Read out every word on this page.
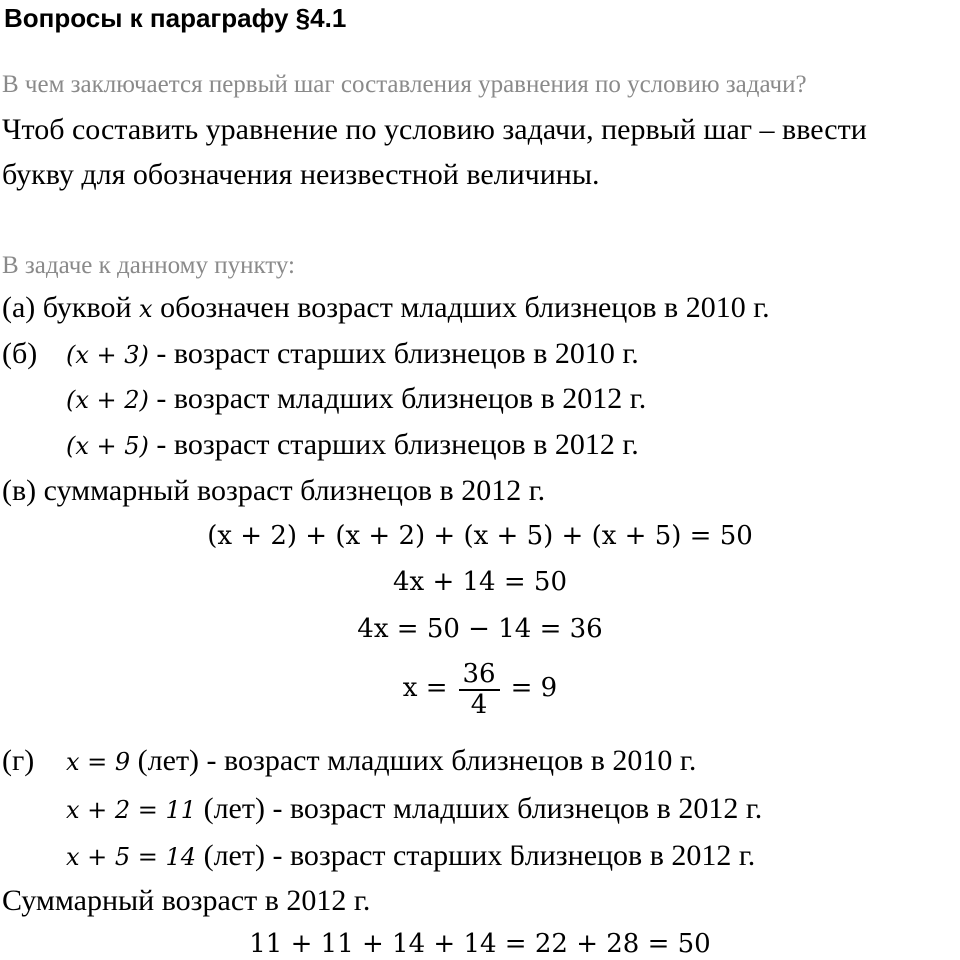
Вопросы к параграфу §4.1
В чем заключается первый шаг составления уравнения по условию задачи?
Чтоб составить уравнение по условию задачи, первый шаг – ввести
букву для обозначения неизвестной величины.
В задаче к данному пункту:
(а) буквой x обозначен возраст младших близнецов в 2010 г.
(б) (x + 3) - возраст старших близнецов в 2010 г.
(x + 2) - возраст младших близнецов в 2012 г.
(x + 5) - возраст старших близнецов в 2012 г.
(в) суммарный возраст близнецов в 2012 г.
(x + 2) + (x + 2) + (x + 5) + (x + 5) = 50
4x + 14 = 50
4x = 50 − 14 = 36
$x = \frac{36}{4} = 9$
(г) x = 9 (лет) - возраст младших близнецов в 2010 г.
x + 2 = 11 (лет) - возраст младших близнецов в 2012 г.
x + 5 = 14 (лет) - возраст старших ƃлизнецов в 2012 г.
Суммарный возраст в 2012 г.
11 + 11 + 14 + 14 = 22 + 28 = 50
